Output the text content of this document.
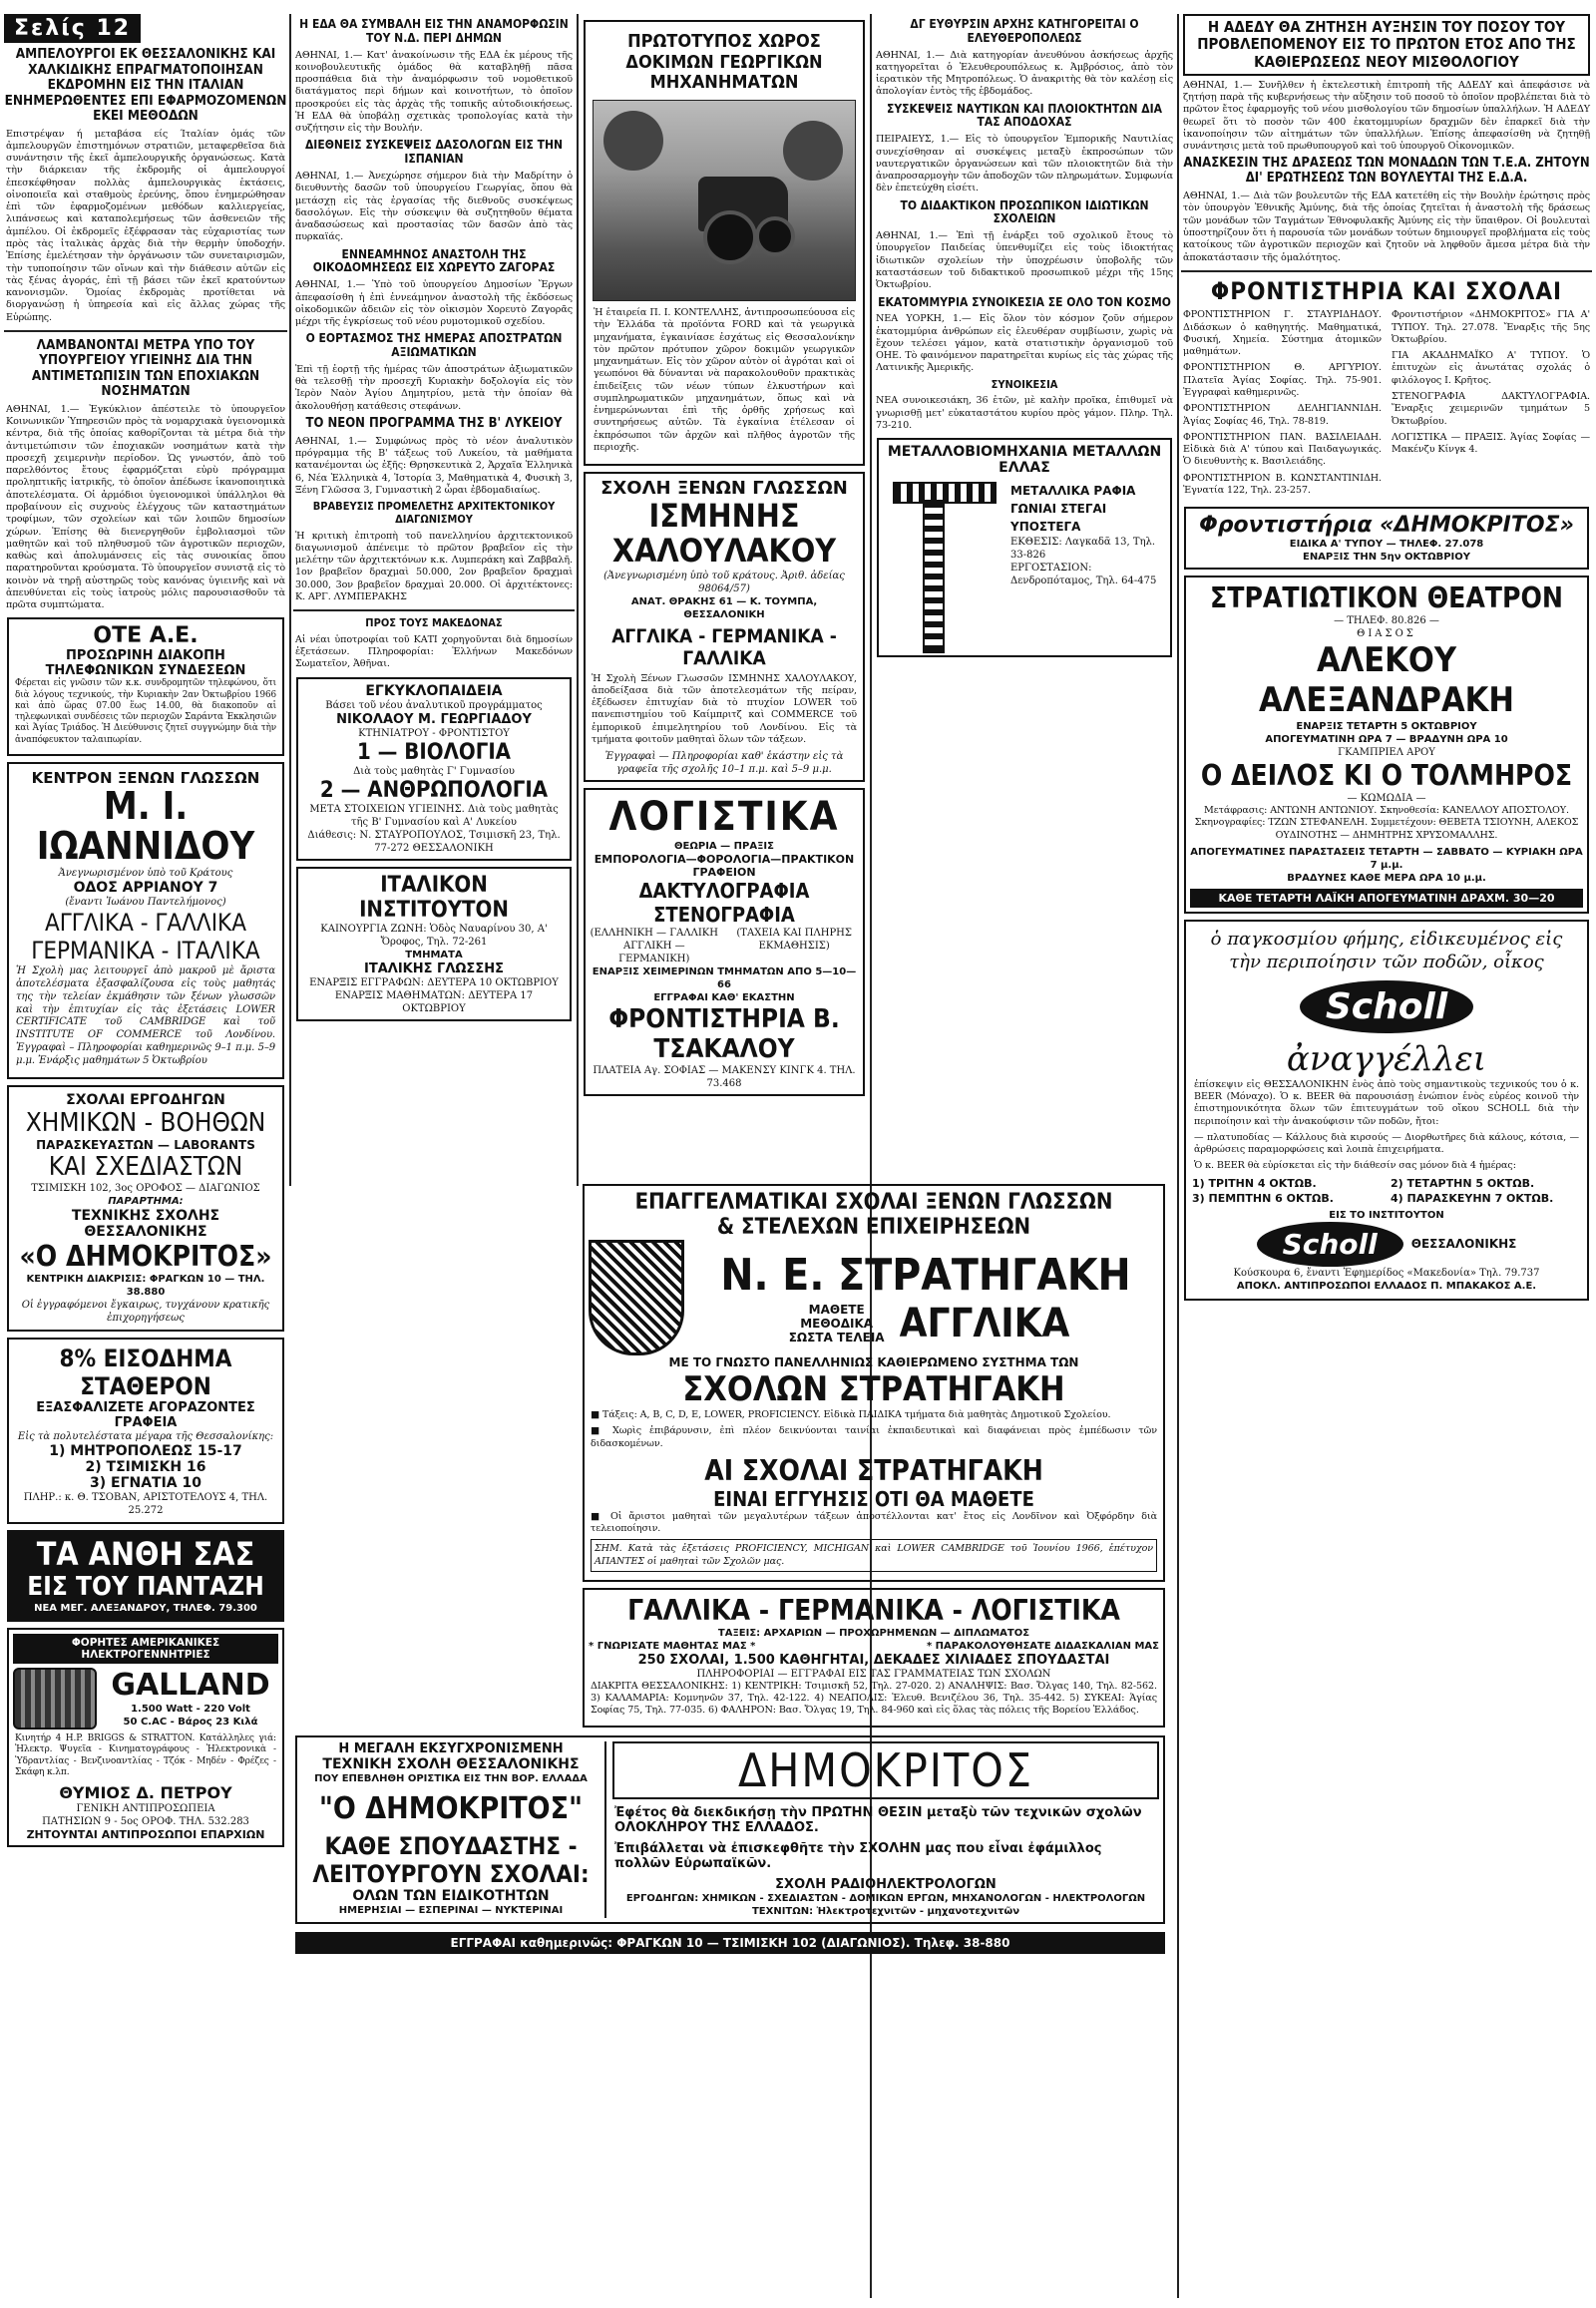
Σελίς 12
ΑΜΠΕΛΟΥΡΓΟΙ ΕΚ ΘΕΣΣΑΛΟΝΙΚΗΣ ΚΑΙ ΧΑΛΚΙΔΙΚΗΣ ΕΠΡΑΓΜΑΤΟΠΟΙΗΣΑΝ ΕΚΔΡΟΜΗΝ ΕΙΣ ΤΗΝ ΙΤΑΛΙΑΝ ΕΝΗΜΕΡΩΘΕΝΤΕΣ ΕΠΙ ΕΦΑΡΜΟΖΟΜΕΝΩΝ ΕΚΕΙ ΜΕΘΟΔΩΝ
Επιστρέψαν ή μεταβάσα είς Ίταλίαν ὁμάς τῶν ἀμπελουργῶν ἐπιστημόνων στρατιῶν, μεταφερθεῖσα διὰ συνάντησιν τῆς ἐκεῖ ἀμπελουργικῆς ὀργανώσεως. Κατὰ τὴν διάρκειαν τῆς ἐκδρομῆς οἱ ἀμπελουργοί ἐπεσκέφθησαν πολλὰς ἀμπελουργικὰς ἐκτάσεις, οἰνοποιεῖα καὶ σταθμοὺς ἐρεύνης, ὅπου ἐνημερώθησαν ἐπὶ τῶν ἐφαρμοζομένων μεθόδων καλλιεργείας, λιπάνσεως καὶ καταπολεμήσεως τῶν ἀσθενειῶν τῆς ἀμπέλου. Οἱ ἐκδρομεῖς ἐξέφρασαν τὰς εὐχαριστίας των πρὸς τὰς ἰταλικὰς ἀρχὰς διὰ τὴν θερμὴν ὑποδοχήν. Ἐπίσης ἐμελέτησαν τὴν ὀργάνωσιν τῶν συνεταιρισμῶν, τὴν τυποποίησιν τῶν οἴνων καὶ τὴν διάθεσιν αὐτῶν εἰς τὰς ξένας ἀγοράς, ἐπὶ τῇ βάσει τῶν ἐκεῖ κρατούντων κανονισμῶν. Ὁμοίας ἐκδρομὰς προτίθεται νὰ διοργανώσῃ ἡ ὑπηρεσία καὶ εἰς ἄλλας χώρας τῆς Εὐρώπης.
ΛΑΜΒΑΝΟΝΤΑΙ ΜΕΤΡΑ ΥΠΟ ΤΟΥ ΥΠΟΥΡΓΕΙΟΥ ΥΓΙΕΙΝΗΣ ΔΙΑ ΤΗΝ ΑΝΤΙΜΕΤΩΠΙΣΙΝ ΤΩΝ ΕΠΟΧΙΑΚΩΝ ΝΟΣΗΜΑΤΩΝ
ΑΘΗΝΑΙ, 1.— Ἐγκύκλιον ἀπέστειλε τὸ ὑπουργεῖον Κοινωνικῶν Ὑπηρεσιῶν πρὸς τὰ νομαρχιακὰ ὑγειονομικὰ κέντρα, διὰ τῆς ὁποίας καθορίζονται τὰ μέτρα διὰ τὴν ἀντιμετώπισιν τῶν ἐποχιακῶν νοσημάτων κατὰ τὴν προσεχῆ χειμερινὴν περίοδον. Ὡς γνωστόν, ἀπὸ τοῦ παρελθόντος ἔτους ἐφαρμόζεται εὐρὺ πρόγραμμα προληπτικῆς ἰατρικῆς, τὸ ὁποῖον ἀπέδωσε ἱκανοποιητικὰ ἀποτελέσματα. Οἱ ἁρμόδιοι ὑγειονομικοὶ ὑπάλληλοι θὰ προβαίνουν εἰς συχνοὺς ἐλέγχους τῶν καταστημάτων τροφίμων, τῶν σχολείων καὶ τῶν λοιπῶν δημοσίων χώρων. Ἐπίσης θὰ διενεργηθοῦν ἐμβολιασμοὶ τῶν μαθητῶν καὶ τοῦ πληθυσμοῦ τῶν ἀγροτικῶν περιοχῶν, καθὼς καὶ ἀπολυμάνσεις εἰς τὰς συνοικίας ὅπου παρατηροῦνται κρούσματα. Τὸ ὑπουργεῖον συνιστᾷ εἰς τὸ κοινὸν νὰ τηρῇ αὐστηρῶς τοὺς κανόνας ὑγιεινῆς καὶ νὰ ἀπευθύνεται εἰς τοὺς ἰατροὺς μόλις παρουσιασθοῦν τὰ πρῶτα συμπτώματα.
ΟΤΕ Α.Ε.
ΠΡΟΣΩΡΙΝΗ ΔΙΑΚΟΠΗ ΤΗΛΕΦΩΝΙΚΩΝ ΣΥΝΔΕΣΕΩΝ
Φέρεται εἰς γνῶσιν τῶν κ.κ. συνδρομητῶν τηλεφώνου, ὅτι διὰ λόγους τεχνικούς, τὴν Κυριακὴν 2αν Ὀκτωβρίου 1966 καὶ ἀπὸ ὥρας 07.00 ἕως 14.00, θὰ διακοποῦν αἱ τηλεφωνικαὶ συνδέσεις τῶν περιοχῶν Σαράντα Ἐκκλησιῶν καὶ Ἁγίας Τριάδος. Ἡ Διεύθυνσις ζητεῖ συγγνώμην διὰ τὴν ἀναπόφευκτον ταλαιπωρίαν.
ΚΕΝΤΡΟΝ ΞΕΝΩΝ ΓΛΩΣΣΩΝ
Μ. Ι. ΙΩΑΝΝΙΔΟΥ
Ἀνεγνωρισμένον ὑπὸ τοῦ Κράτους
ΟΔΟΣ ΑΡΡΙΑΝΟΥ 7
(ἔναντι Ἰωάνου Παντελήμονος)
ΑΓΓΛΙΚΑ - ΓΑΛΛΙΚΑ ΓΕΡΜΑΝΙΚΑ - ΙΤΑΛΙΚΑ
Ἡ Σχολὴ μας λειτουργεῖ ἀπὸ μακροῦ μὲ ἄριστα ἀποτελέσματα ἐξασφαλίζουσα εἰς τοὺς μαθητάς της τὴν τελείαν ἐκμάθησιν τῶν ξένων γλωσσῶν καὶ τὴν ἐπιτυχίαν εἰς τὰς ἐξετάσεις LOWER CERTIFICATE τοῦ CAMBRIDGE καὶ τοῦ INSTITUTE OF COMMERCE τοῦ Λονδίνου. Ἐγγραφαὶ – Πληροφορίαι καθημερινῶς 9–1 π.μ. 5–9 μ.μ. Ἐνάρξις μαθημάτων 5 Ὀκτωβρίου
ΣΧΟΛΑΙ ΕΡΓΟΔΗΓΩΝ
ΧΗΜΙΚΩΝ - ΒΟΗΘΩΝ
ΠΑΡΑΣΚΕΥΑΣΤΩΝ — LABORANTS
ΚΑΙ ΣΧΕΔΙΑΣΤΩΝ
ΤΣΙΜΙΣΚΗ 102, 3ος ΟΡΟΦΟΣ — ΔΙΑΓΩΝΙΟΣ
ΠΑΡΑΡΤΗΜΑ:
ΤΕΧΝΙΚΗΣ ΣΧΟΛΗΣ ΘΕΣΣΑΛΟΝΙΚΗΣ
«Ο ΔΗΜΟΚΡΙΤΟΣ»
ΚΕΝΤΡΙΚΗ ΔΙΑΚΡΙΣΙΣ: ΦΡΑΓΚΩΝ 10 — ΤΗΛ. 38.880
Οἱ ἐγγραφόμενοι ἔγκαιρως, τυγχάνουν κρατικῆς ἐπιχορηγήσεως
8% ΕΙΣΟΔΗΜΑ ΣΤΑΘΕΡΟΝ
ΕΞΑΣΦΑΛΙΖΕΤΕ ΑΓΟΡΑΖΟΝΤΕΣ ΓΡΑΦΕΙΑ
Εἰς τὰ πολυτελέστατα μέγαρα τῆς Θεσσαλονίκης:
1) ΜΗΤΡΟΠΟΛΕΩΣ 15-17
2) ΤΣΙΜΙΣΚΗ 16
3) ΕΓΝΑΤΙΑ 10
ΠΛΗΡ.: κ. Θ. ΤΣΟΒΑΝ, ΑΡΙΣΤΟΤΕΛΟΥΣ 4, ΤΗΛ. 25.272
ΤΑ ΑΝΘΗ ΣΑΣ
ΕΙΣ ΤΟΥ ΠΑΝΤΑΖΗ
ΝΕΑ ΜΕΓ. ΑΛΕΞΑΝΔΡΟΥ, ΤΗΛΕΦ. 79.300
ΦΟΡΗΤΕΣ ΑΜΕΡΙΚΑΝΙΚΕΣ ΗΛΕΚΤΡΟΓΕΝΝΗΤΡΙΕΣ
GALLAND
1.500 Watt - 220 Volt
50 C.AC - Βάρος 23 Κιλά
Κινητήρ 4 H.P. BRIGGS & STRATTON. Κατάλληλες γιά: Ἠλεκτρ. Ψυγεῖα - Κινηματογράφους - Ἠλεκτρονικὰ - Ὑδραντλίας - Βενζινοαντλίας - Τζόκ - Μηδέν - Φρέζες - Σκάφη κ.λπ.
ΘΥΜΙΟΣ Δ. ΠΕΤΡΟΥ
ΓΕΝΙΚΗ ΑΝΤΙΠΡΟΣΩΠΕΙΑ
ΠΑΤΗΣΙΩΝ 9 - 5ος ΟΡΟΦ. ΤΗΛ. 532.283
ΖΗΤΟΥΝΤΑΙ ΑΝΤΙΠΡΟΣΩΠΟΙ ΕΠΑΡΧΙΩΝ
Η ΕΔΑ ΘΑ ΣΥΜΒΑΛΗ ΕΙΣ ΤΗΝ ΑΝΑΜΟΡΦΩΣΙΝ ΤΟΥ Ν.Δ. ΠΕΡΙ ΔΗΜΩΝ
ΑΘΗΝΑΙ, 1.— Κατ' ἀνακοίνωσιν τῆς ΕΔΑ ἐκ μέρους τῆς κοινοβουλευτικῆς ὁμάδος θὰ καταβληθῇ πᾶσα προσπάθεια διὰ τὴν ἀναμόρφωσιν τοῦ νομοθετικοῦ διατάγματος περὶ δήμων καὶ κοινοτήτων, τὸ ὁποῖον προσκρούει εἰς τὰς ἀρχὰς τῆς τοπικῆς αὐτοδιοικήσεως. Ἡ ΕΔΑ θὰ ὑποβάλῃ σχετικὰς τροπολογίας κατὰ τὴν συζήτησιν εἰς τὴν Βουλήν.
ΔΙΕΘΝΕΙΣ ΣΥΣΚΕΨΕΙΣ ΔΑΣΟΛΟΓΩΝ ΕΙΣ ΤΗΝ ΙΣΠΑΝΙΑΝ
ΑΘΗΝΑΙ, 1.— Ἀνεχώρησε σήμερον διὰ τὴν Μαδρίτην ὁ διευθυντὴς δασῶν τοῦ ὑπουργείου Γεωργίας, ὅπου θὰ μετάσχῃ εἰς τὰς ἐργασίας τῆς διεθνοῦς συσκέψεως δασολόγων. Εἰς τὴν σύσκεψιν θὰ συζητηθοῦν θέματα ἀναδασώσεως καὶ προστασίας τῶν δασῶν ἀπὸ τὰς πυρκαϊάς.
ΕΝΝΕΑΜΗΝΟΣ ΑΝΑΣΤΟΛΗ ΤΗΣ ΟΙΚΟΔΟΜΗΣΕΩΣ ΕΙΣ ΧΩΡΕΥΤΟ ΖΑΓΟΡΑΣ
ΑΘΗΝΑΙ, 1.— Ὑπὸ τοῦ ὑπουργείου Δημοσίων Ἔργων ἀπεφασίσθη ἡ ἐπὶ ἐννεάμηνον ἀναστολὴ τῆς ἐκδόσεως οἰκοδομικῶν ἀδειῶν εἰς τὸν οἰκισμὸν Χορευτὸ Ζαγορᾶς μέχρι τῆς ἐγκρίσεως τοῦ νέου ρυμοτομικοῦ σχεδίου.
Ο ΕΟΡΤΑΣΜΟΣ ΤΗΣ ΗΜΕΡΑΣ ΑΠΟΣΤΡΑΤΩΝ ΑΞΙΩΜΑΤΙΚΩΝ
Ἐπὶ τῇ ἐορτῇ τῆς ἡμέρας τῶν ἀποστράτων ἀξιωματικῶν θὰ τελεσθῇ τὴν προσεχῆ Κυριακὴν δοξολογία εἰς τὸν Ἱερὸν Ναὸν Ἁγίου Δημητρίου, μετὰ τὴν ὁποίαν θὰ ἀκολουθήσῃ κατάθεσις στεφάνων.
ΤΟ ΝΕΟΝ ΠΡΟΓΡΑΜΜΑ ΤΗΣ Β' ΛΥΚΕΙΟΥ
ΑΘΗΝΑΙ, 1.— Συμφώνως πρὸς τὸ νέον ἀναλυτικὸν πρόγραμμα τῆς Β' τάξεως τοῦ Λυκείου, τὰ μαθήματα κατανέμονται ὡς ἑξῆς: Θρησκευτικὰ 2, Ἀρχαῖα Ἑλληνικὰ 6, Νέα Ἑλληνικὰ 4, Ἱστορία 3, Μαθηματικὰ 4, Φυσικὴ 3, Ξένη Γλῶσσα 3, Γυμναστικὴ 2 ὧραι ἐβδομαδιαίως.
ΒΡΑΒΕΥΣΙΣ ΠΡΟΜΕΛΕΤΗΣ ΑΡΧΙΤΕΚΤΟΝΙΚΟΥ ΔΙΑΓΩΝΙΣΜΟΥ
Ἡ κριτικὴ ἐπιτροπὴ τοῦ πανελληνίου ἀρχιτεκτονικοῦ διαγωνισμοῦ ἀπένειμε τὸ πρῶτον βραβεῖον εἰς τὴν μελέτην τῶν ἀρχιτεκτόνων κ.κ. Λυμπεράκη καὶ Ζαββαλῆ. 1ον βραβεῖον δραχμαὶ 50.000, 2ον βραβεῖον δραχμαὶ 30.000, 3ον βραβεῖον δραχμαὶ 20.000. Οἱ ἀρχιτέκτονες: Κ. ΑΡΓ. ΛΥΜΠΕΡΑΚΗΣ
ΠΡΟΣ ΤΟΥΣ ΜΑΚΕΔΟΝΑΣ
Αἱ νέαι ὑποτροφίαι τοῦ ΚΑΤΙ χορηγοῦνται διὰ δημοσίων ἐξετάσεων. Πληροφορίαι: Ἐλλήνων Μακεδόνων Σωματεῖον, Ἀθῆναι.
ΕΓΚΥΚΛΟΠΑΙΔΕΙΑ
Βάσει τοῦ νέου ἀναλυτικοῦ προγράμματος
ΝΙΚΟΛΑΟΥ Μ. ΓΕΩΡΓΙΑΔΟΥ
ΚΤΗΝΙΑΤΡΟΥ - ΦΡΟΝΤΙΣΤΟΥ
1 — ΒΙΟΛΟΓΙΑ
Διὰ τοὺς μαθητὰς Γ' Γυμνασίου
2 — ΑΝΘΡΩΠΟΛΟΓΙΑ
ΜΕΤΑ ΣΤΟΙΧΕΙΩΝ ΥΓΙΕΙΝΗΣ. Διὰ τοὺς μαθητὰς τῆς Β' Γυμνασίου καὶ Α' Λυκείου
Διάθεσις: Ν. ΣΤΑΥΡΟΠΟΥΛΟΣ, Τσιμισκῆ 23, Τηλ. 77-272 ΘΕΣΣΑΛΟΝΙΚΗ
ΙΤΑΛΙΚΟΝ ΙΝΣΤΙΤΟΥΤΟΝ
ΚΑΙΝΟΥΡΓΙΑ ΖΩΝΗ: Ὁδὸς Ναυαρίνου 30, Α' Ὄροφος, Τηλ. 72-261
ΤΜΗΜΑΤΑ
ΙΤΑΛΙΚΗΣ ΓΛΩΣΣΗΣ
ΕΝΑΡΞΙΣ ΕΓΓΡΑΦΩΝ: ΔΕΥΤΕΡΑ 10 ΟΚΤΩΒΡΙΟΥ
ΕΝΑΡΞΙΣ ΜΑΘΗΜΑΤΩΝ: ΔΕΥΤΕΡΑ 17 ΟΚΤΩΒΡΙΟΥ
ΠΡΩΤΟΤΥΠΟΣ ΧΩΡΟΣ ΔΟΚΙΜΩΝ ΓΕΩΡΓΙΚΩΝ ΜΗΧΑΝΗΜΑΤΩΝ
Ἡ ἑταιρεία Π. Ι. ΚΟΝΤΕΛΛΗΣ, ἀντιπροσωπεύουσα εἰς τὴν Ἑλλάδα τὰ προϊόντα FORD καὶ τὰ γεωργικὰ μηχανήματα, ἐγκαινίασε ἐσχάτως εἰς Θεσσαλονίκην τὸν πρῶτον πρότυπον χῶρον δοκιμῶν γεωργικῶν μηχανημάτων. Εἰς τὸν χῶρον αὐτὸν οἱ ἀγρόται καὶ οἱ γεωπόνοι θὰ δύνανται νὰ παρακολουθοῦν πρακτικὰς ἐπιδείξεις τῶν νέων τύπων ἐλκυστήρων καὶ συμπληρωματικῶν μηχανημάτων, ὅπως καὶ νὰ ἐνημερώνωνται ἐπὶ τῆς ὀρθῆς χρήσεως καὶ συντηρήσεως αὐτῶν. Τὰ ἐγκαίνια ἐτέλεσαν οἱ ἐκπρόσωποι τῶν ἀρχῶν καὶ πλῆθος ἀγροτῶν τῆς περιοχῆς.
ΣΧΟΛΗ ΞΕΝΩΝ ΓΛΩΣΣΩΝ
ΙΣΜΗΝΗΣ ΧΑΛΟΥΛΑΚΟΥ
(Ἀνεγνωρισμένη ὑπὸ τοῦ κράτους. Ἀριθ. ἀδείας 98064/57)
ΑΝΑΤ. ΘΡΑΚΗΣ 61 — Κ. ΤΟΥΜΠΑ, ΘΕΣΣΑΛΟΝΙΚΗ
ΑΓΓΛΙΚΑ - ΓΕΡΜΑΝΙΚΑ - ΓΑΛΛΙΚΑ
Ἡ Σχολὴ Ξένων Γλωσσῶν ΙΣΜΗΝΗΣ ΧΑΛΟΥΛΑΚΟΥ, ἀποδείξασα διὰ τῶν ἀποτελεσμάτων τῆς πείραν, ἐξέδωσεν ἐπιτυχίαν διὰ τὸ πτυχίον LOWER τοῦ πανεπιστημίου τοῦ Καίμπριτζ καὶ COMMERCE τοῦ ἐμπορικοῦ ἐπιμελητηρίου τοῦ Λονδίνου. Εἰς τὰ τμήματα φοιτοῦν μαθηταὶ ὅλων τῶν τάξεων.
Ἐγγραφαὶ — Πληροφορίαι καθ' ἑκάστην εἰς τὰ γραφεῖα τῆς σχολῆς 10–1 π.μ. καὶ 5–9 μ.μ.
ΛΟΓΙΣΤΙΚΑ
ΘΕΩΡΙΑ — ΠΡΑΞΙΣ
ΕΜΠΟΡΟΛΟΓΙΑ—ΦΟΡΟΛΟΓΙΑ—ΠΡΑΚΤΙΚΟΝ ΓΡΑΦΕΙΟΝ
ΔΑΚΤΥΛΟΓΡΑΦΙΑ ΣΤΕΝΟΓΡΑΦΙΑ
(ΕΛΛΗΝΙΚΗ — ΓΑΛΛΙΚΗ ΑΓΓΛΙΚΗ — ΓΕΡΜΑΝΙΚΗ)
(ΤΑΧΕΙΑ ΚΑΙ ΠΛΗΡΗΣ ΕΚΜΑΘΗΣΙΣ)
ΕΝΑΡΞΙΣ ΧΕΙΜΕΡΙΝΩΝ ΤΜΗΜΑΤΩΝ ΑΠΟ 5—10—66
ΕΓΓΡΑΦΑΙ ΚΑΘ' ΕΚΑΣΤΗΝ
ΦΡΟΝΤΙΣΤΗΡΙΑ Β. ΤΣΑΚΑΛΟΥ
ΠΛΑΤΕΙΑ Αγ. ΣΟΦΙΑΣ — ΜΑΚΕΝΣΥ ΚΙΝΓΚ 4. ΤΗΛ. 73.468
ΔΓ ΕΥΘΥΡΣΙΝ ΑΡΧΗΣ ΚΑΤΗΓΟΡΕΙΤΑΙ Ο ΕΛΕΥΘΕΡΟΠΟΛΕΩΣ
ΑΘΗΝΑΙ, 1.— Διὰ κατηγορίαν ἀνευθύνου ἀσκήσεως ἀρχῆς κατηγορεῖται ὁ Ἐλευθερουπόλεως κ. Ἀμβρόσιος, ἀπὸ τὸν ἱερατικὸν τῆς Μητροπόλεως. Ὁ ἀνακριτὴς θὰ τὸν καλέσῃ εἰς ἀπολογίαν ἐντὸς τῆς ἑβδομάδος.
ΣΥΣΚΕΨΕΙΣ ΝΑΥΤΙΚΩΝ ΚΑΙ ΠΛΟΙΟΚΤΗΤΩΝ ΔΙΑ ΤΑΣ ΑΠΟΔΟΧΑΣ
ΠΕΙΡΑΙΕΥΣ, 1.— Εἰς τὸ ὑπουργεῖον Ἐμπορικῆς Ναυτιλίας συνεχίσθησαν αἱ συσκέψεις μεταξὺ ἐκπροσώπων τῶν ναυτεργατικῶν ὀργανώσεων καὶ τῶν πλοιοκτητῶν διὰ τὴν ἀναπροσαρμογὴν τῶν ἀποδοχῶν τῶν πληρωμάτων. Συμφωνία δὲν ἐπετεύχθη εἰσέτι.
ΤΟ ΔΙΔΑΚΤΙΚΟΝ ΠΡΟΣΩΠΙΚΟΝ ΙΔΙΩΤΙΚΩΝ ΣΧΟΛΕΙΩΝ
ΑΘΗΝΑΙ, 1.— Ἐπὶ τῇ ἐνάρξει τοῦ σχολικοῦ ἔτους τὸ ὑπουργεῖον Παιδείας ὑπενθυμίζει εἰς τοὺς ἰδιοκτήτας ἰδιωτικῶν σχολείων τὴν ὑποχρέωσιν ὑποβολῆς τῶν καταστάσεων τοῦ διδακτικοῦ προσωπικοῦ μέχρι τῆς 15ης Ὀκτωβρίου.
ΕΚΑΤΟΜΜΥΡΙΑ ΣΥΝΟΙΚΕΣΙΑ ΣΕ ΟΛΟ ΤΟΝ ΚΟΣΜΟ
ΝΕΑ ΥΟΡΚΗ, 1.— Εἰς ὅλον τὸν κόσμον ζοῦν σήμερον ἑκατομμύρια ἀνθρώπων εἰς ἐλευθέραν συμβίωσιν, χωρὶς νὰ ἔχουν τελέσει γάμον, κατὰ στατιστικὴν ὀργανισμοῦ τοῦ ΟΗΕ. Τὸ φαινόμενον παρατηρεῖται κυρίως εἰς τὰς χώρας τῆς Λατινικῆς Ἀμερικῆς.
ΣΥΝΟΙΚΕΣΙΑ
ΝΕΑ συνοικεσιάκη, 36 ἐτῶν, μὲ καλὴν προῖκα, ἐπιθυμεῖ νὰ γνωρισθῇ μετ' εὐκαταστάτου κυρίου πρὸς γάμον. Πληρ. Τηλ. 73-210.
ΜΕΤΑΛΛΟΒΙΟΜΗΧΑΝΙΑ ΜΕΤΑΛΛΩΝ ΕΛΛΑΣ
ΜΕΤΑΛΛΙΚΑ ΡΑΦΙΑ ΓΩΝΙΑΙ ΣΤΕΓΑΙ ΥΠΟΣΤΕΓΑ
ΕΚΘΕΣΙΣ: Λαγκαδᾶ 13, Τηλ. 33-826
ΕΡΓΟΣΤΑΣΙΟΝ: Δενδροπόταμος, Τηλ. 64-475
Η ΑΔΕΔΥ ΘΑ ΖΗΤΗΣΗ ΑΥΞΗΣΙΝ ΤΟΥ ΠΟΣΟΥ ΤΟΥ ΠΡΟΒΛΕΠΟΜΕΝΟΥ ΕΙΣ ΤΟ ΠΡΩΤΟΝ ΕΤΟΣ ΑΠΟ ΤΗΣ ΚΑΘΙΕΡΩΣΕΩΣ ΝΕΟΥ ΜΙΣΘΟΛΟΓΙΟΥ
ΑΘΗΝΑΙ, 1.— Συνῆλθεν ἡ ἐκτελεστικὴ ἐπιτροπὴ τῆς ΑΔΕΔΥ καὶ ἀπεφάσισε νὰ ζητήσῃ παρὰ τῆς κυβερνήσεως τὴν αὔξησιν τοῦ ποσοῦ τὸ ὁποῖον προβλέπεται διὰ τὸ πρῶτον ἔτος ἐφαρμογῆς τοῦ νέου μισθολογίου τῶν δημοσίων ὑπαλλήλων. Ἡ ΑΔΕΔΥ θεωρεῖ ὅτι τὸ ποσὸν τῶν 400 ἑκατομμυρίων δραχμῶν δὲν ἐπαρκεῖ διὰ τὴν ἱκανοποίησιν τῶν αἰτημάτων τῶν ὑπαλλήλων. Ἐπίσης ἀπεφασίσθη νὰ ζητηθῇ συνάντησις μετὰ τοῦ πρωθυπουργοῦ καὶ τοῦ ὑπουργοῦ Οἰκονομικῶν.
ΑΝΑΣΚΕΣΙΝ ΤΗΣ ΔΡΑΣΕΩΣ ΤΩΝ ΜΟΝΑΔΩΝ ΤΩΝ Τ.Ε.Α. ΖΗΤΟΥΝ ΔΙ' ΕΡΩΤΗΣΕΩΣ ΤΩΝ ΒΟΥΛΕΥΤΑΙ ΤΗΣ Ε.Δ.Α.
ΑΘΗΝΑΙ, 1.— Διὰ τῶν βουλευτῶν τῆς ΕΔΑ κατετέθη εἰς τὴν Βουλὴν ἐρώτησις πρὸς τὸν ὑπουργὸν Ἐθνικῆς Ἀμύνης, διὰ τῆς ὁποίας ζητεῖται ἡ ἀναστολὴ τῆς δράσεως τῶν μονάδων τῶν Ταγμάτων Ἐθνοφυλακῆς Ἀμύνης εἰς τὴν ὕπαιθρον. Οἱ βουλευταὶ ὑποστηρίζουν ὅτι ἡ παρουσία τῶν μονάδων τούτων δημιουργεῖ προβλήματα εἰς τοὺς κατοίκους τῶν ἀγροτικῶν περιοχῶν καὶ ζητοῦν νὰ ληφθοῦν ἄμεσα μέτρα διὰ τὴν ἀποκατάστασιν τῆς ὁμαλότητος.
ΦΡΟΝΤΙΣΤΗΡΙΑ ΚΑΙ ΣΧΟΛΑΙ
ΦΡΟΝΤΙΣΤΗΡΙΟΝ Γ. ΣΤΑΥΡΙΔΗΔΟΥ. Διδάσκων ὁ καθηγητής. Μαθηματικά, Φυσική, Χημεία. Σύστημα ἀτομικῶν μαθημάτων.
ΦΡΟΝΤΙΣΤΗΡΙΟΝ Θ. ΑΡΓΥΡΙΟΥ. Πλατεῖα Ἁγίας Σοφίας. Τηλ. 75-901. Ἐγγραφαὶ καθημερινῶς.
ΦΡΟΝΤΙΣΤΗΡΙΟΝ ΔΕΛΗΓΙΑΝΝΙΔΗ. Ἁγίας Σοφίας 46, Τηλ. 78-819.
ΦΡΟΝΤΙΣΤΗΡΙΟΝ ΠΑΝ. ΒΑΣΙΛΕΙΑΔΗ. Εἰδικὰ διὰ Α' τύπου καὶ Παιδαγωγικάς. Ὁ διευθυντὴς κ. Βασιλειάδης.
ΦΡΟΝΤΙΣΤΗΡΙΟΝ Β. ΚΩΝΣΤΑΝΤΙΝΙΔΗ. Ἐγνατία 122, Τηλ. 23-257.
Φροντιστήριον «ΔΗΜΟΚΡΙΤΟΣ» ΓΙΑ Α' ΤΥΠΟΥ. Τηλ. 27.078. Ἔναρξις τῆς 5ης Ὀκτωβρίου.
ΓΙΑ ΑΚΑΔΗΜΑΪΚΟ Α' ΤΥΠΟΥ. Ὁ ἐπιτυχὼν εἰς ἀνωτάτας σχολάς ὁ φιλόλογος Ι. Κρῆτος.
ΣΤΕΝΟΓΡΑΦΙΑ ΔΑΚΤΥΛΟΓΡΑΦΙΑ. Ἔναρξις χειμερινῶν τμημάτων 5 Ὀκτωβρίου.
ΛΟΓΙΣΤΙΚΑ — ΠΡΑΞΙΣ. Ἁγίας Σοφίας — Μακένζυ Κίνγκ 4.
Φροντιστήρια «ΔΗΜΟΚΡΙΤΟΣ»
ΕΙΔΙΚΑ Α' ΤΥΠΟΥ — ΤΗΛΕΦ. 27.078
ΕΝΑΡΞΙΣ ΤΗΝ 5ην ΟΚΤΩΒΡΙΟΥ
ΣΤΡΑΤΙΩΤΙΚΟΝ ΘΕΑΤΡΟΝ
— ΤΗΛΕΦ. 80.826 —
ΘΙΑΣΟΣ
ΑΛΕΚΟΥ ΑΛΕΞΑΝΔΡΑΚΗ
ΕΝΑΡΞΙΣ ΤΕΤΑΡΤΗ 5 ΟΚΤΩΒΡΙΟΥ
ΑΠΟΓΕΥΜΑΤΙΝΗ ΩΡΑ 7 — ΒΡΑΔΥΝΗ ΩΡΑ 10
ΓΚΑΜΠΡΙΕΛ ΑΡΟΥ
Ο ΔΕΙΛΟΣ ΚΙ Ο ΤΟΛΜΗΡΟΣ
— ΚΩΜΩΔΙΑ —
Μετάφρασις: ΑΝΤΩΝΗ ΑΝΤΩΝΙΟΥ. Σκηνοθεσία: ΚΑΝΕΛΛΟΥ ΑΠΟΣΤΟΛΟΥ. Σκηνογραφίες: ΤΖΩΝ ΣΤΕΦΑΝΕΛΗ. Συμμετέχουν: ΘΕΒΕΤΑ ΤΣΙΟΥΝΗ, ΑΛΕΚΟΣ ΟΥΔΙΝΟΤΗΣ — ΔΗΜΗΤΡΗΣ ΧΡΥΣΟΜΑΛΛΗΣ.
ΑΠΟΓΕΥΜΑΤΙΝΕΣ ΠΑΡΑΣΤΑΣΕΙΣ ΤΕΤΑΡΤΗ — ΣΑΒΒΑΤΟ — ΚΥΡΙΑΚΗ ΩΡΑ 7 μ.μ.
ΒΡΑΔΥΝΕΣ ΚΑΘΕ ΜΕΡΑ ΩΡΑ 10 μ.μ.
ΚΑΘΕ ΤΕΤΑΡΤΗ ΛΑΪΚΗ ΑΠΟΓΕΥΜΑΤΙΝΗ ΔΡΑΧΜ. 30—20
ὁ παγκοσμίου φήμης, εἰδικευμένος εἰς τὴν περιποίησιν τῶν ποδῶν, οἶκος
Scholl
ἀναγγέλλει
ἐπίσκεψιν εἰς ΘΕΣΣΑΛΟΝΙΚΗΝ ἑνὸς ἀπὸ τοὺς σημαντικοὺς τεχνικούς του ὁ κ. BEER (Μόναχο). Ὁ κ. BEER θὰ παρουσιάσῃ ἐνώπιον ἑνὸς εὐρέος κοινοῦ τὴν ἐπιστημονικότητα ὅλων τῶν ἐπιτευγμάτων τοῦ οἴκου SCHOLL διὰ τὴν περιποίησιν καὶ τὴν ἀνακούφισιν τῶν ποδῶν, ἤτοι:
— πλατυποδίας — Κάλλους διὰ κιρσούς — Διορθωτῆρες διὰ κάλους, κότσια, — ἀρθρώσεις παραμορφώσεις καὶ λοιπὰ ἐπιχειρήματα.
Ὁ κ. BEER θὰ εὑρίσκεται εἰς τὴν διάθεσίν σας μόνον διὰ 4 ἡμέρας:
1) ΤΡΙΤΗΝ 4 ΟΚΤΩΒ.	2) ΤΕΤΑΡΤΗΝ 5 ΟΚΤΩΒ.
3) ΠΕΜΠΤΗΝ 6 ΟΚΤΩΒ.	4) ΠΑΡΑΣΚΕΥΗΝ 7 ΟΚΤΩΒ.
ΕΙΣ ΤΟ ΙΝΣΤΙΤΟΥΤΟΝ
Scholl	ΘΕΣΣΑΛΟΝΙΚΗΣ
Κούσκουρα 6, ἔναντι Ἐφημερίδος «Μακεδονία» Τηλ. 79.737
ΑΠΟΚΛ. ΑΝΤΙΠΡΟΣΩΠΟΙ ΕΛΛΑΔΟΣ Π. ΜΠΑΚΑΚΟΣ Α.Ε.
ΕΠΑΓΓΕΛΜΑΤΙΚΑΙ ΣΧΟΛΑΙ ΞΕΝΩΝ ΓΛΩΣΣΩΝ
& ΣΤΕΛΕΧΩΝ ΕΠΙΧΕΙΡΗΣΕΩΝ
Ν. Ε. ΣΤΡΑΤΗΓΑΚΗ
ΜΑΘΕΤΕ ΜΕΘΟΔΙΚΑ ΣΩΣΤΑ ΤΕΛΕΙΑ ΑΓΓΛΙΚΑ
ΜΕ ΤΟ ΓΝΩΣΤΟ ΠΑΝΕΛΛΗΝΙΩΣ ΚΑΘΙΕΡΩΜΕΝΟ ΣΥΣΤΗΜΑ ΤΩΝ
ΣΧΟΛΩΝ ΣΤΡΑΤΗΓΑΚΗ
■ Τάξεις: A, B, C, D, E, LOWER, PROFICIENCY. Εἰδικὰ ΠΑΙΔΙΚΑ τμήματα διὰ μαθητὰς Δημοτικοῦ Σχολείου.
■ Χωρὶς ἐπιβάρυνσιν, ἐπὶ πλέον δεικνύονται ταινίαι ἐκπαιδευτικαὶ καὶ διαφάνειαι πρὸς ἐμπέδωσιν τῶν διδασκομένων.
ΑΙ ΣΧΟΛΑΙ ΣΤΡΑΤΗΓΑΚΗ
ΕΙΝΑΙ ΕΓΓΥΗΣΙΣ ΟΤΙ ΘΑ ΜΑΘΕΤΕ
■ Οἱ ἄριστοι μαθηταὶ τῶν μεγαλυτέρων τάξεων ἀποστέλλονται κατ' ἔτος εἰς Λονδῖνον καὶ Ὀξφόρδην διὰ τελειοποίησιν.
ΣΗΜ. Κατὰ τὰς ἐξετάσεις PROFICIENCY, MICHIGAN καὶ LOWER CAMBRIDGE τοῦ Ἰουνίου 1966, ἐπέτυχον ΑΠΑΝΤΕΣ οἱ μαθηταὶ τῶν Σχολῶν μας.
ΓΑΛΛΙΚΑ - ΓΕΡΜΑΝΙΚΑ - ΛΟΓΙΣΤΙΚΑ
ΤΑΞΕΙΣ: ΑΡΧΑΡΙΩΝ — ΠΡΟΧΩΡΗΜΕΝΩΝ — ΔΙΠΛΩΜΑΤΟΣ
* ΓΝΩΡΙΣΑΤΕ ΜΑΘΗΤΑΣ ΜΑΣ *	* ΠΑΡΑΚΟΛΟΥΘΗΣΑΤΕ ΔΙΔΑΣΚΑΛΙΑΝ ΜΑΣ
250 ΣΧΟΛΑΙ, 1.500 ΚΑΘΗΓΗΤΑΙ, ΔΕΚΑΔΕΣ ΧΙΛΙΑΔΕΣ ΣΠΟΥΔΑΣΤΑΙ
ΠΛΗΡΟΦΟΡΙΑΙ — ΕΓΓΡΑΦΑΙ ΕΙΣ ΤΑΣ ΓΡΑΜΜΑΤΕΙΑΣ ΤΩΝ ΣΧΟΛΩΝ
ΔΙΑΚΡΙΤΑ ΘΕΣΣΑΛΟΝΙΚΗΣ: 1) ΚΕΝΤΡΙΚΗ: Τσιμισκῆ 52, Τηλ. 27-020. 2) ΑΝΑΛΗΨΙΣ: Βασ. Ὄλγας 140, Τηλ. 82-562. 3) ΚΑΛΑΜΑΡΙΑ: Κομνηνῶν 37, Τηλ. 42-122. 4) ΝΕΑΠΟΛΙΣ: Ἐλευθ. Βενιζέλου 36, Τηλ. 35-442. 5) ΣΥΚΕΑΙ: Ἁγίας Σοφίας 75, Τηλ. 77-035. 6) ΦΑΛΗΡΟΝ: Βασ. Ὄλγας 19, Τηλ. 84-960 καὶ εἰς ὅλας τὰς πόλεις τῆς Βορείου Ἑλλάδος.
Η ΜΕΓΑΛΗ ΕΚΣΥΓΧΡΟΝΙΣΜΕΝΗ
ΤΕΧΝΙΚΗ ΣΧΟΛΗ ΘΕΣΣΑΛΟΝΙΚΗΣ
ΠΟΥ ΕΠΕΒΛΗΘΗ ΟΡΙΣΤΙΚΑ ΕΙΣ ΤΗΝ ΒΟΡ. ΕΛΛΑΔΑ
"Ο ΔΗΜΟΚΡΙΤΟΣ"
ΚΑΘΕ ΣΠΟΥΔΑΣΤΗΣ -
ΛΕΙΤΟΥΡΓΟΥΝ ΣΧΟΛΑΙ:
ΟΛΩΝ ΤΩΝ ΕΙΔΙΚΟΤΗΤΩΝ
ΗΜΕΡΗΣΙΑΙ — ΕΣΠΕΡΙΝΑΙ — ΝΥΚΤΕΡΙΝΑΙ
ΔΗΜΟΚΡΙΤΟΣ
Ἐφέτος θὰ διεκδικήσῃ τὴν ΠΡΩΤΗΝ ΘΕΣΙΝ μεταξὺ τῶν τεχνικῶν σχολῶν ΟΛΟΚΛΗΡΟΥ ΤΗΣ ΕΛΛΑΔΟΣ.
Ἐπιβάλλεται νὰ ἐπισκεφθῆτε τὴν ΣΧΟΛΗΝ μας που εἶναι ἐφάμιλλος πολλῶν Εὐρωπαϊκῶν.
ΣΧΟΛΗ ΡΑΔΙΟΗΛΕΚΤΡΟΛΟΓΩΝ
ΕΡΓΟΔΗΓΩΝ: ΧΗΜΙΚΩΝ - ΣΧΕΔΙΑΣΤΩΝ - ΔΟΜΙΚΩΝ ΕΡΓΩΝ, ΜΗΧΑΝΟΛΟΓΩΝ - ΗΛΕΚΤΡΟΛΟΓΩΝ
ΤΕΧΝΙΤΩΝ: Ἠλεκτροτεχνιτῶν - μηχανοτεχνιτῶν
ΕΓΓΡΑΦΑΙ καθημερινῶς: ΦΡΑΓΚΩΝ 10 — ΤΣΙΜΙΣΚΗ 102 (ΔΙΑΓΩΝΙΟΣ). Τηλεφ. 38-880
